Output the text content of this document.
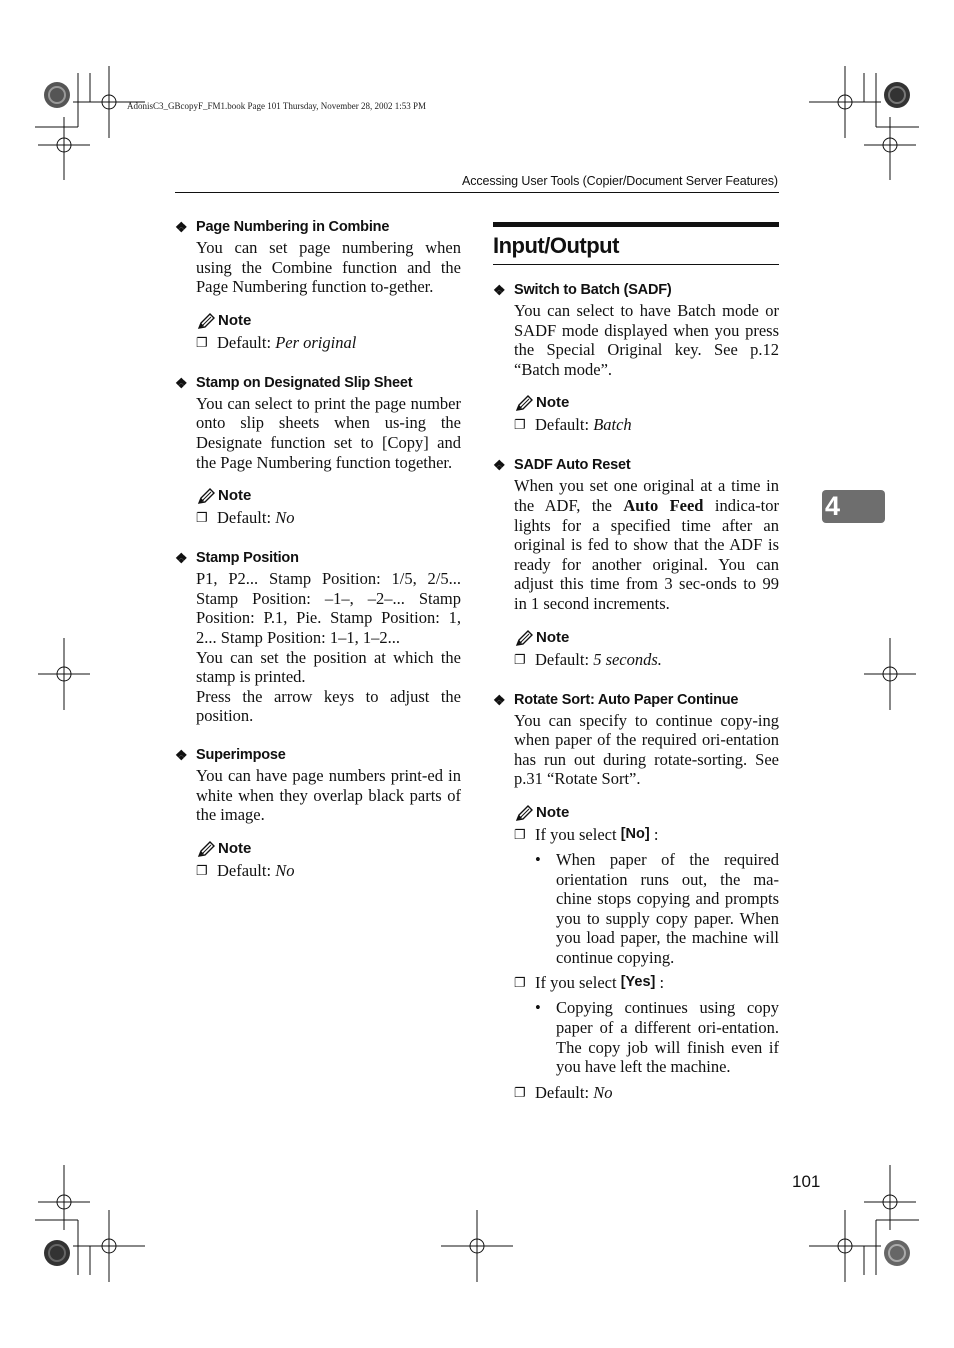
AdonisC3_GBcopyF_FM1.book Page 101 Thursday, November 28, 2002 1:53 PM
Accessing User Tools (Copier/Document Server Features)
4
101
❖ Page Numbering in Combine
You can set page numbering when using the Combine function and the Page Numbering function to-gether.
Note
❐ Default: Per original
❖ Stamp on Designated Slip Sheet
You can select to print the page number onto slip sheets when us-ing the Designate function set to [Copy] and the Page Numbering function together.
Note
❐ Default: No
❖ Stamp Position
P1, P2... Stamp Position: 1/5, 2/5... Stamp Position: –1–, –2–... Stamp Position: P.1, Pie. Stamp Position: 1, 2... Stamp Position: 1–1, 1–2...
You can set the position at which the stamp is printed.
Press the arrow keys to adjust the position.
❖ Superimpose
You can have page numbers print-ed in white when they overlap black parts of the image.
Note
❐ Default: No
Input/Output
❖ Switch to Batch (SADF)
You can select to have Batch mode or SADF mode displayed when you press the Special Original key. See p.12 “Batch mode”.
Note
❐ Default: Batch
❖ SADF Auto Reset
When you set one original at a time in the ADF, the Auto Feed indica-tor lights for a specified time after an original is fed to show that the ADF is ready for another original. You can adjust this time from 3 sec-onds to 99 in 1 second increments.
Note
❐ Default: 5 seconds.
❖ Rotate Sort: Auto Paper Continue
You can specify to continue copy-ing when paper of the required ori-entation has run out during rotate-sorting. See p.31 “Rotate Sort”.
Note
❐ If you select [No] :
• When paper of the required orientation runs out, the ma-chine stops copying and prompts you to supply copy paper. When you load paper, the machine will continue copying.
❐ If you select [Yes] :
• Copying continues using copy paper of a different ori-entation. The copy job will finish even if you have left the machine.
❐ Default: No
